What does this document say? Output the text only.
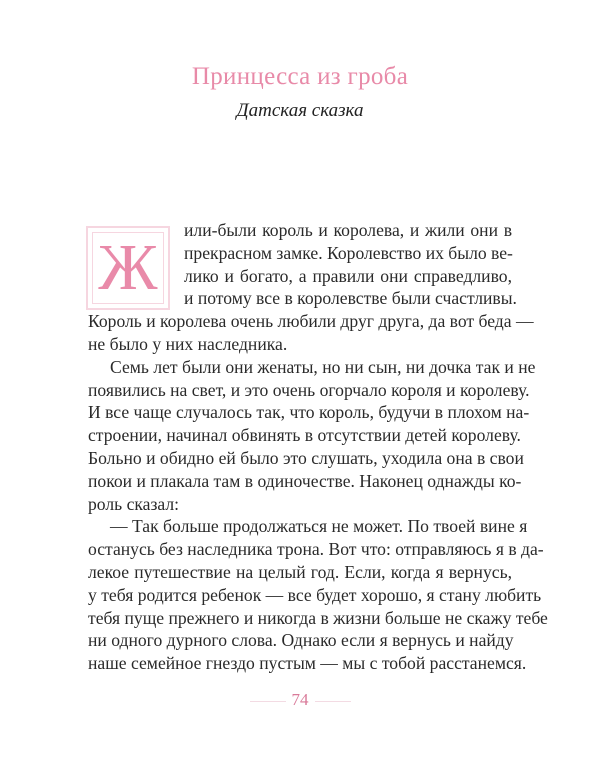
Принцесса из гроба
Датская сказка
Ж
или-были король и королева, и жили они в
прекрасном замке. Королевство их было ве-
лико и богато, а правили они справедливо,
и потому все в королевстве были счастливы.
Король и королева очень любили друг друга, да вот беда —
не было у них наследника.
Семь лет были они женаты, но ни сын, ни дочка так и не
появились на свет, и это очень огорчало короля и королеву.
И все чаще случалось так, что король, будучи в плохом на-
строении, начинал обвинять в отсутствии детей королеву.
Больно и обидно ей было это слушать, уходила она в свои
покои и плакала там в одиночестве. Наконец однажды ко-
роль сказал:
— Так больше продолжаться не может. По твоей вине я
останусь без наследника трона. Вот что: отправляюсь я в да-
лекое путешествие на целый год. Если, когда я вернусь,
у тебя родится ребенок — все будет хорошо, я стану любить
тебя пуще прежнего и никогда в жизни больше не скажу тебе
ни одного дурного слова. Однако если я вернусь и найду
наше семейное гнездо пустым — мы с тобой расстанемся.
74
